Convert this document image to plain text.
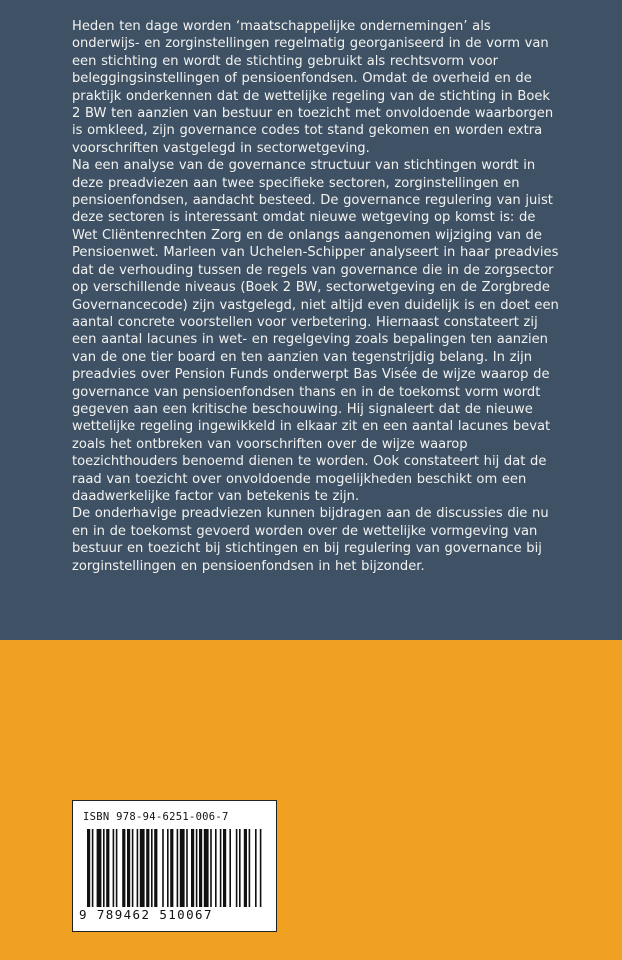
Heden ten dage worden ‘maatschappelijke ondernemingen’ als onderwijs- en zorginstellingen regelmatig georganiseerd in de vorm van een stichting en wordt de stichting gebruikt als rechtsvorm voor beleggingsinstellingen of pensioenfondsen. Omdat de overheid en de praktijk onderkennen dat de wettelijke regeling van de stichting in Boek 2 BW ten aanzien van bestuur en toezicht met onvoldoende waarborgen is omkleed, zijn governance codes tot stand gekomen en worden extra voorschriften vastgelegd in sectorwetgeving.

Na een analyse van de governance structuur van stichtingen wordt in deze preadviezen aan twee specifieke sectoren, zorginstellingen en pensioenfondsen, aandacht besteed. De governance regulering van juist deze sectoren is interessant omdat nieuwe wetgeving op komst is: de Wet Cliëntenrechten Zorg en de onlangs aangenomen wijziging van de Pensioenwet. Marleen van Uchelen-Schipper analyseert in haar preadvies dat de verhouding tussen de regels van governance die in de zorgsector op verschillende niveaus (Boek 2 BW, sectorwetgeving en de Zorgbrede Governancecode) zijn vastgelegd, niet altijd even duidelijk is en doet een aantal concrete voorstellen voor verbetering. Hiernaast constateert zij een aantal lacunes in wet- en regelgeving zoals bepalingen ten aanzien van de one tier board en ten aanzien van tegenstrijdig belang. In zijn preadvies over Pension Funds onderwerpt Bas Visée de wijze waarop de governance van pensioenfondsen thans en in de toekomst vorm wordt gegeven aan een kritische beschouwing. Hij signaleert dat de nieuwe wettelijke regeling ingewikkeld in elkaar zit en een aantal lacunes bevat zoals het ontbreken van voorschriften over de wijze waarop toezichthouders benoemd dienen te worden. Ook constateert hij dat de raad van toezicht over onvoldoende mogelijkheden beschikt om een daadwerkelijke factor van betekenis te zijn.

De onderhavige preadviezen kunnen bijdragen aan de discussies die nu en in de toekomst gevoerd worden over de wettelijke vormgeving van bestuur en toezicht bij stichtingen en bij regulering van governance bij zorginstellingen en pensioenfondsen in het bijzonder.

ISBN 978-94-6251-006-7
9 789462 510067
